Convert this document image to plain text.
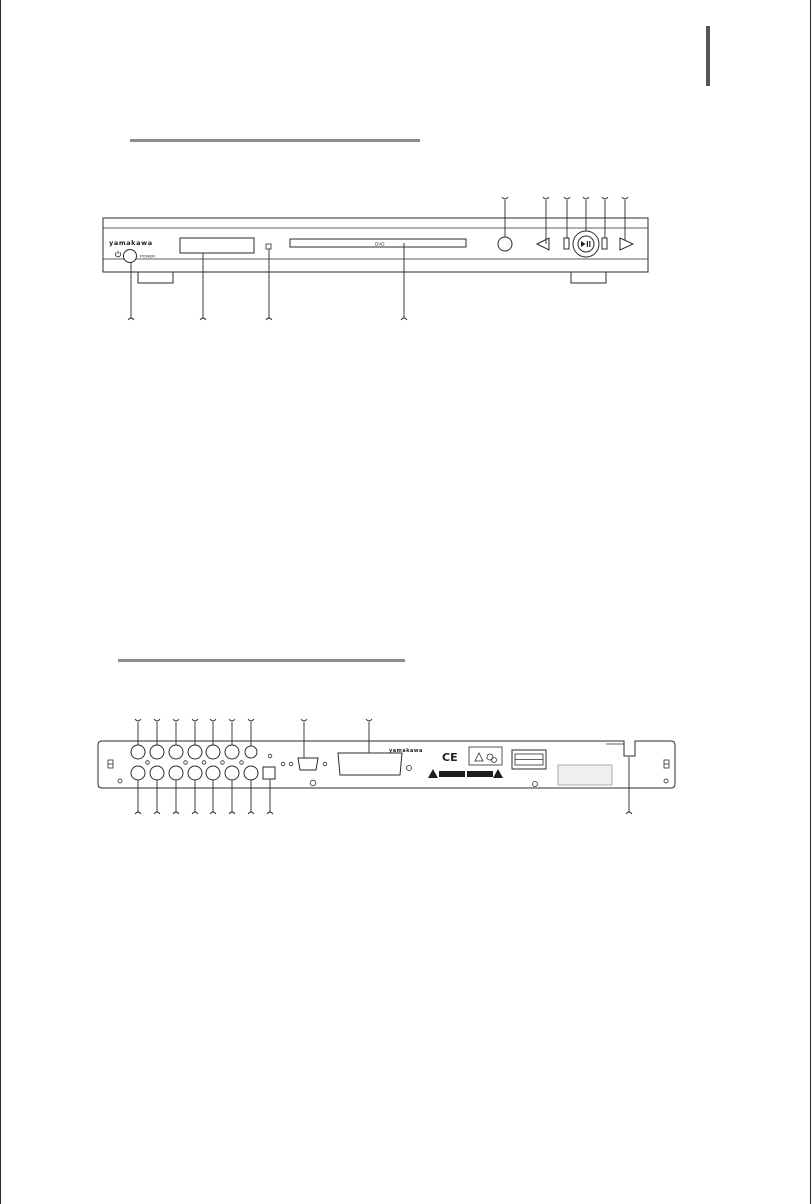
yamakawa	DVD
POWER
yamakawa CE
